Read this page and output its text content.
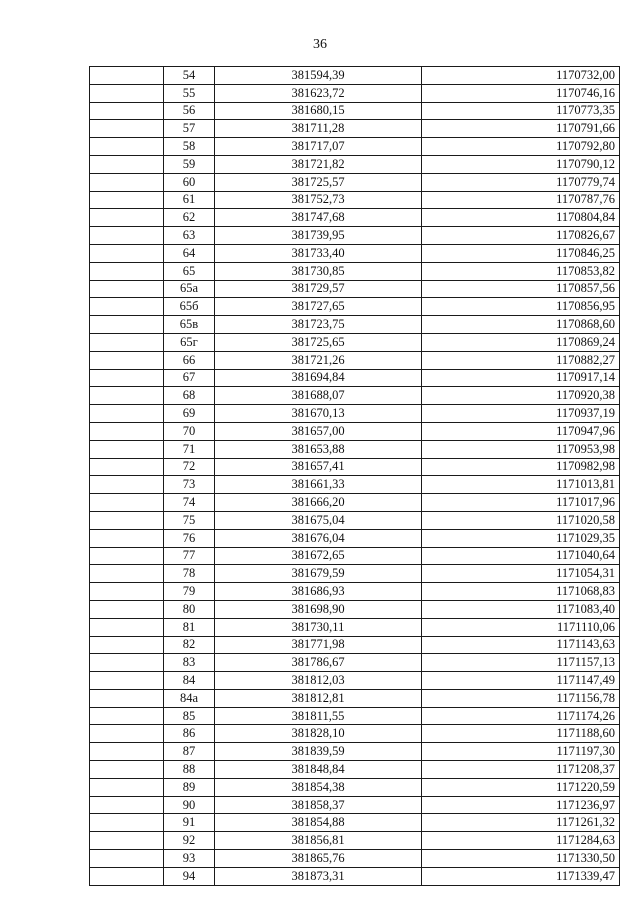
36
	54	381594,39	1170732,00
	55	381623,72	1170746,16
	56	381680,15	1170773,35
	57	381711,28	1170791,66
	58	381717,07	1170792,80
	59	381721,82	1170790,12
	60	381725,57	1170779,74
	61	381752,73	1170787,76
	62	381747,68	1170804,84
	63	381739,95	1170826,67
	64	381733,40	1170846,25
	65	381730,85	1170853,82
	65а	381729,57	1170857,56
	65б	381727,65	1170856,95
	65в	381723,75	1170868,60
	65г	381725,65	1170869,24
	66	381721,26	1170882,27
	67	381694,84	1170917,14
	68	381688,07	1170920,38
	69	381670,13	1170937,19
	70	381657,00	1170947,96
	71	381653,88	1170953,98
	72	381657,41	1170982,98
	73	381661,33	1171013,81
	74	381666,20	1171017,96
	75	381675,04	1171020,58
	76	381676,04	1171029,35
	77	381672,65	1171040,64
	78	381679,59	1171054,31
	79	381686,93	1171068,83
	80	381698,90	1171083,40
	81	381730,11	1171110,06
	82	381771,98	1171143,63
	83	381786,67	1171157,13
	84	381812,03	1171147,49
	84а	381812,81	1171156,78
	85	381811,55	1171174,26
	86	381828,10	1171188,60
	87	381839,59	1171197,30
	88	381848,84	1171208,37
	89	381854,38	1171220,59
	90	381858,37	1171236,97
	91	381854,88	1171261,32
	92	381856,81	1171284,63
	93	381865,76	1171330,50
	94	381873,31	1171339,47
